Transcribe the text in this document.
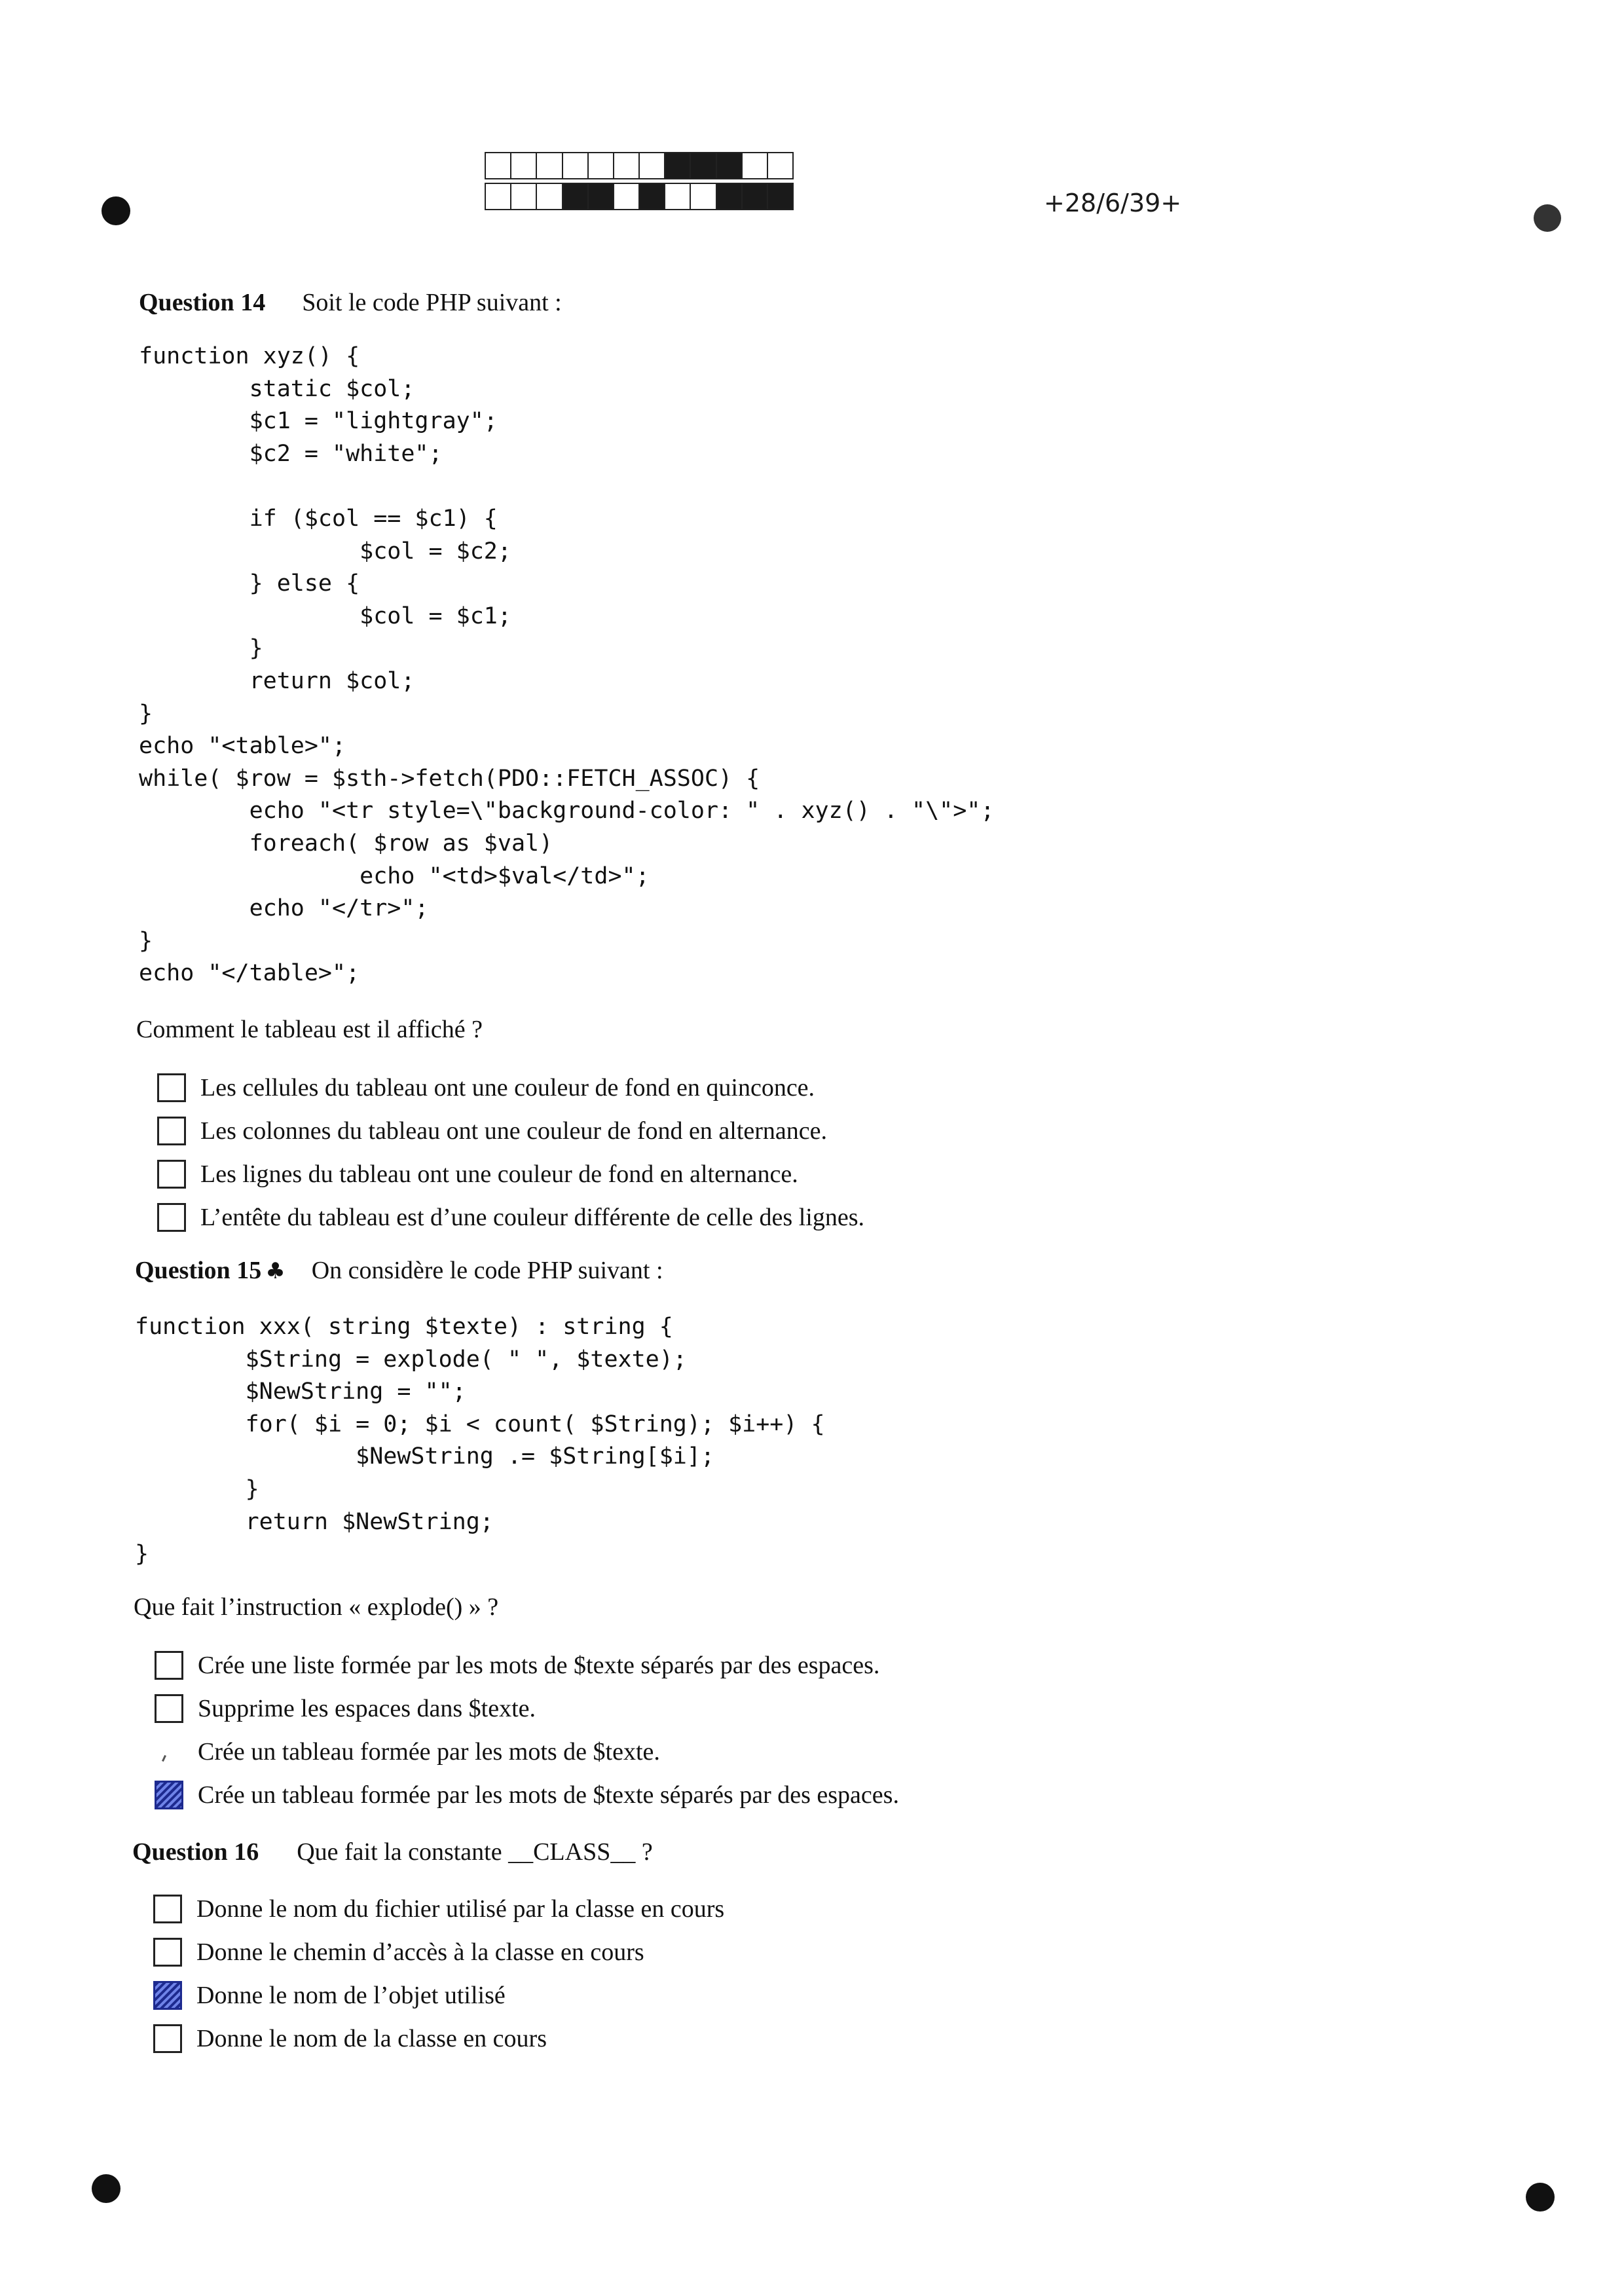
+28/6/39+
Question 14 Soit le code PHP suivant :
function xyz() {
static $col;
$c1 = "lightgray";
$c2 = "white";

if ($col == $c1) {
$col = $c2;
} else {
$col = $c1;
}
return $col;
}
echo "<table>";
while( $row = $sth->fetch(PDO::FETCH_ASSOC) {
echo "<tr style=\"background-color: " . xyz() . "\">";
foreach( $row as $val)
echo "<td>$val</td>";
echo "</tr>";
}
echo "</table>";
Comment le tableau est il affiché ?
Les cellules du tableau ont une couleur de fond en quinconce.
Les colonnes du tableau ont une couleur de fond en alternance.
Les lignes du tableau ont une couleur de fond en alternance.
L’entête du tableau est d’une couleur différente de celle des lignes.
Question 15 ♣ On considère le code PHP suivant :
function xxx( string $texte) : string {
$String = explode( " ", $texte);
$NewString = "";
for( $i = 0; $i < count( $String); $i++) {
$NewString .= $String[$i];
}
return $NewString;
}
Que fait l’instruction « explode() » ?
Crée une liste formée par les mots de $texte séparés par des espaces.
Supprime les espaces dans $texte.
Crée un tableau formée par les mots de $texte.
Crée un tableau formée par les mots de $texte séparés par des espaces.
Question 16 Que fait la constante __CLASS__ ?
Donne le nom du fichier utilisé par la classe en cours
Donne le chemin d’accès à la classe en cours
Donne le nom de l’objet utilisé
Donne le nom de la classe en cours
